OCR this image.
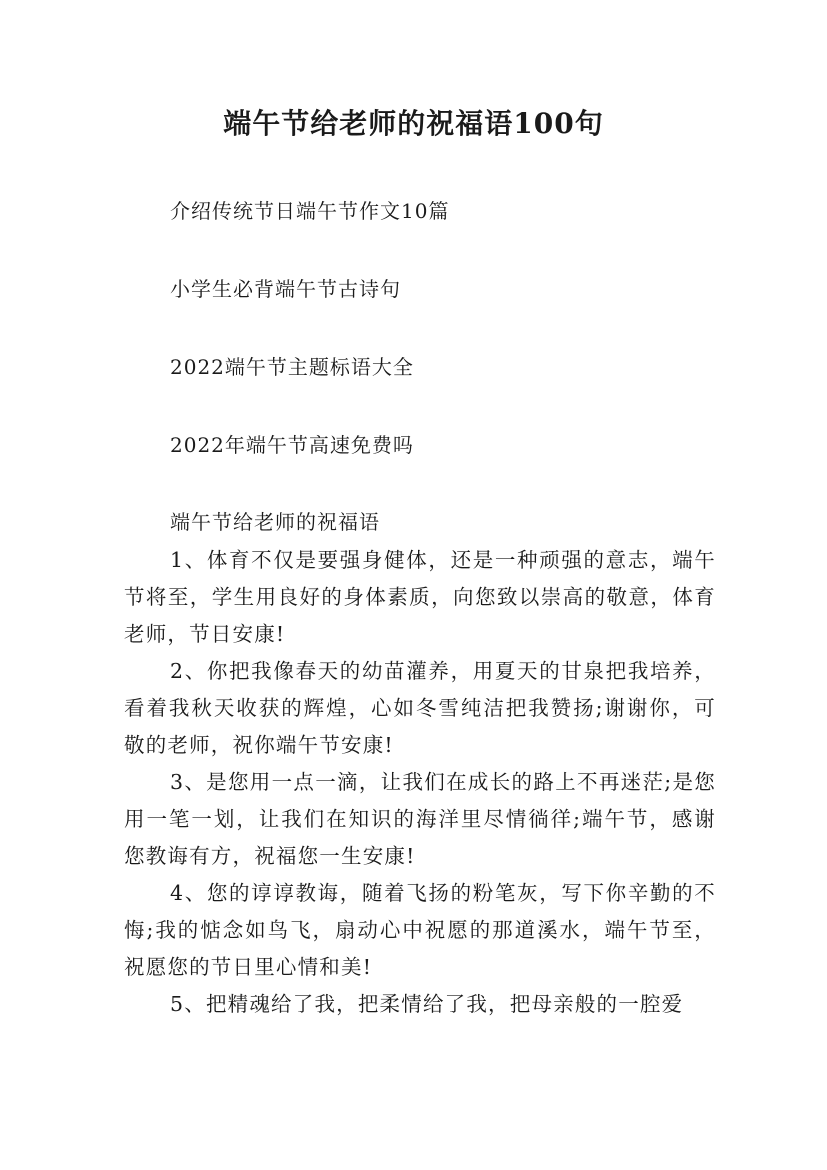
端午节给老师的祝福语100句
介绍传统节日端午节作文10篇
小学生必背端午节古诗句
2022端午节主题标语大全
2022年端午节高速免费吗
端午节给老师的祝福语

1、体育不仅是要强身健体，还是一种顽强的意志，端午节将至，学生用良好的身体素质，向您致以崇高的敬意，体育老师，节日安康!

2、你把我像春天的幼苗灌养，用夏天的甘泉把我培养，看着我秋天收获的辉煌，心如冬雪纯洁把我赞扬;谢谢你，可敬的老师，祝你端午节安康!

3、是您用一点一滴，让我们在成长的路上不再迷茫;是您用一笔一划，让我们在知识的海洋里尽情徜徉;端午节，感谢您教诲有方，祝福您一生安康!

4、您的谆谆教诲，随着飞扬的粉笔灰，写下你辛勤的不悔;我的惦念如鸟飞，扇动心中祝愿的那道溪水，端午节至，祝愿您的节日里心情和美!

5、把精魂给了我，把柔情给了我，把母亲般的一腔爱
